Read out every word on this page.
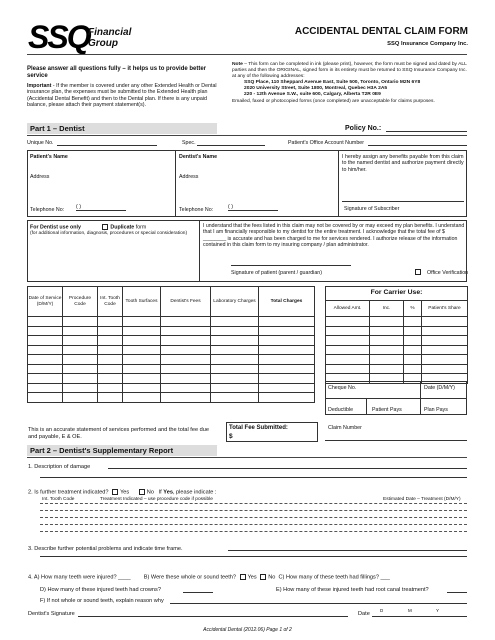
SSQ
Financial
Group
ACCIDENTAL DENTAL CLAIM FORM
SSQ Insurance Company Inc.
Please answer all questions fully – it helps us to provide better service
Important - If the member is covered under any other Extended Health or Dental insurance plan, the expenses must be submitted to the Extended Health plan (Accidental Dental Benefit) and then to the Dental plan. If there is any unpaid balance, please attach their payment statement(s).
Note – This form can be completed in ink (please print), however, the form must be signed and dated by ALL parties and then the ORIGINAL, signed form in its entirety must be returned to SSQ Insurance Company Inc. at any of the following addresses:
SSQ Place, 110 Sheppard Avenue East, Suite 500, Toronto, Ontario M2N 6Y8
2020 University Street, Suite 1800, Montreal, Quebec H3A 2A5
220 - 12th Avenue S.W., suite 600, Calgary, Alberta T2R 0E9
Emailed, faxed or photocopied forms (once completed) are unacceptable for claims purposes.
Part 1 – Dentist	Policy No.:
Unique No.	Spec.	Patient's Office Account Number
Patient's Name
Address
Telephone No: ( )
Dentist's Name
Address
Telephone No:	( )
I hereby assign any benefits payable from this claim to the named dentist and authorize payment directly to him/her.
Signature of Subscriber
For Dentist use only	Duplicate form
(for additional information, diagnosis, procedures or special consideration)
I understand that the fees listed in this claim may not be covered by or may exceed my plan benefits. I understand that I am financially responsible to my dentist for the entire treatment. I acknowledge that the total fee of $ ________ is accurate and has been charged to me for services rendered. I authorize release of the information contained in this claim form to my insuring company / plan administrator.
Signature of patient (parent / guardian)	Office Verification
Date of Service (D/M/Y)	Procedure Code	Int. Tooth Code	Tooth Surfaces	Dentist's Fees	Laboratory Charges	Total Charges

For Carrier Use:			
Allowed Amt.	Inc.	%	Patient's Share

Cheque No.	Date (D/M/Y)
Deductible	Patient Pays	Plan Pays
This is an accurate statement of services performed and the total fee due and payable, E & OE.
Total Fee Submitted:
$
Claim Number
Part 2 – Dentist's Supplementary Report
1. Description of damage
2. Is further treatment indicated? Yes	No If Yes, please indicate :
Int. Tooth Code	Treatment Indicated – use procedure code if possible	Estimated Date – Treatment (D/M/Y)
3. Describe further potential problems and indicate time frame.
4. A) How many teeth were injured? ____ B) Were these whole or sound teeth? Yes No C) How many of these teeth had fillings? ___
D) How many of these injured teeth had crowns?	E) How many of these injured teeth had root canal treatment?
F) If not whole or sound teeth, explain reason why
Dentist's Signature	Date
D	M	Y
Accidental Dental (2012.06) Page 1 of 2
